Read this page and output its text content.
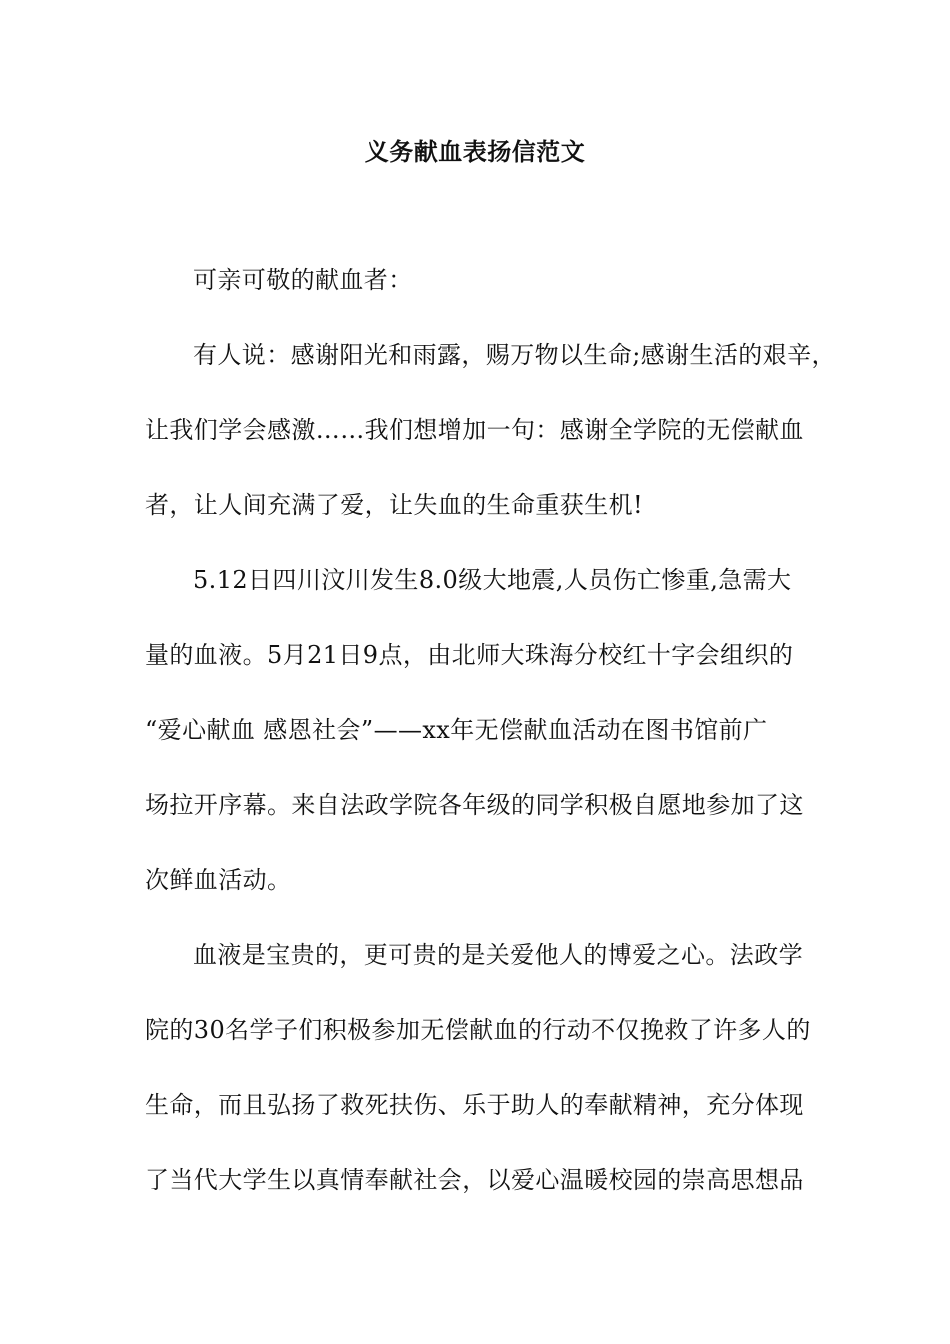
义务献血表扬信范文
可亲可敬的献血者：
有人说：感谢阳光和雨露，赐万物以生命;感谢生活的艰辛，
让我们学会感激……我们想增加一句：感谢全学院的无偿献血
者，让人间充满了爱，让失血的生命重获生机!
5.12日四川汶川发生8.0级大地震,人员伤亡惨重,急需大
量的血液。5月21日9点，由北师大珠海分校红十字会组织的
“爱心献血 感恩社会”——xx年无偿献血活动在图书馆前广
场拉开序幕。来自法政学院各年级的同学积极自愿地参加了这
次鲜血活动。
血液是宝贵的，更可贵的是关爱他人的博爱之心。法政学
院的30名学子们积极参加无偿献血的行动不仅挽救了许多人的
生命，而且弘扬了救死扶伤、乐于助人的奉献精神，充分体现
了当代大学生以真情奉献社会，以爱心温暖校园的崇高思想品
